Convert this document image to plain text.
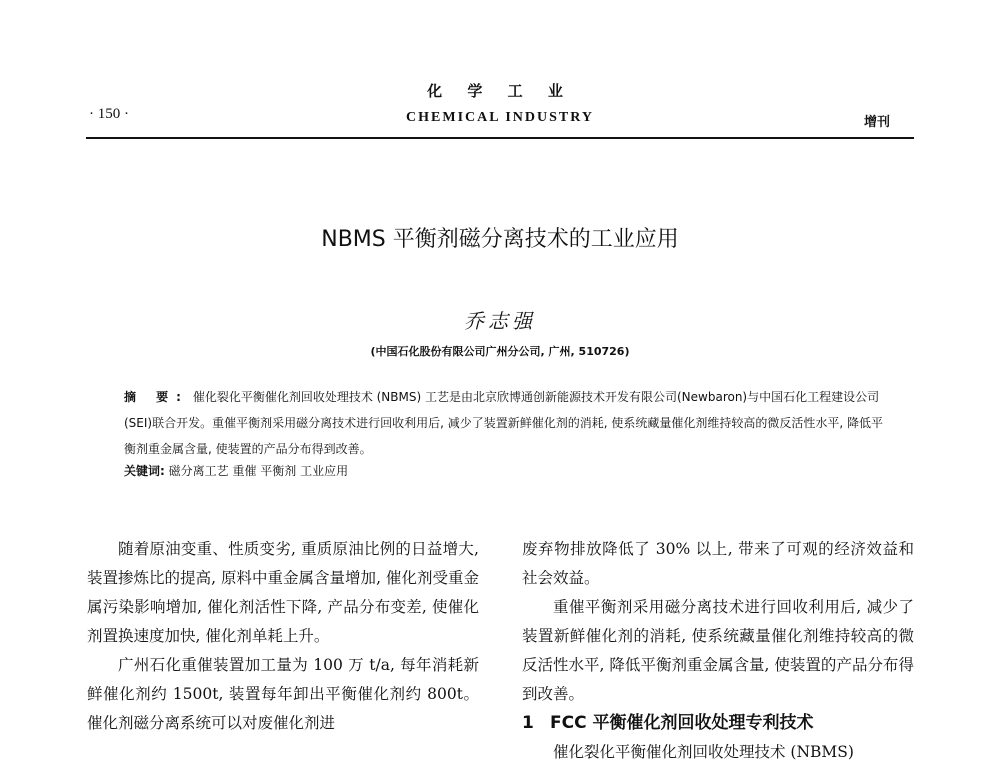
化 学 工 业
· 150 ·	CHEMICAL INDUSTRY	增刊
NBMS 平衡剂磁分离技术的工业应用
乔志强
(中国石化股份有限公司广州分公司, 广州, 510726)
摘 要: 催化裂化平衡催化剂回收处理技术 (NBMS) 工艺是由北京欣博通创新能源技术开发有限公司(Newbaron)与中国石化工程建设公司(SEI)联合开发。重催平衡剂采用磁分离技术进行回收利用后, 减少了装置新鲜催化剂的消耗, 使系统藏量催化剂维持较高的微反活性水平, 降低平衡剂重金属含量, 使装置的产品分布得到改善。
关键词: 磁分离工艺 重催 平衡剂 工业应用

随着原油变重、性质变劣, 重质原油比例的日益增大, 装置掺炼比的提高, 原料中重金属含量增加, 催化剂受重金属污染影响增加, 催化剂活性下降, 产品分布变差, 使催化剂置换速度加快, 催化剂单耗上升。

广州石化重催装置加工量为 100 万 t/a, 每年消耗新鲜催化剂约 1500t, 装置每年卸出平衡催化剂约 800t。催化剂磁分离系统可以对废催化剂进

废弃物排放降低了 30% 以上, 带来了可观的经济效益和社会效益。

重催平衡剂采用磁分离技术进行回收利用后, 减少了装置新鲜催化剂的消耗, 使系统藏量催化剂维持较高的微反活性水平, 降低平衡剂重金属含量, 使装置的产品分布得到改善。

1 FCC 平衡催化剂回收处理专利技术

催化裂化平衡催化剂回收处理技术 (NBMS)
